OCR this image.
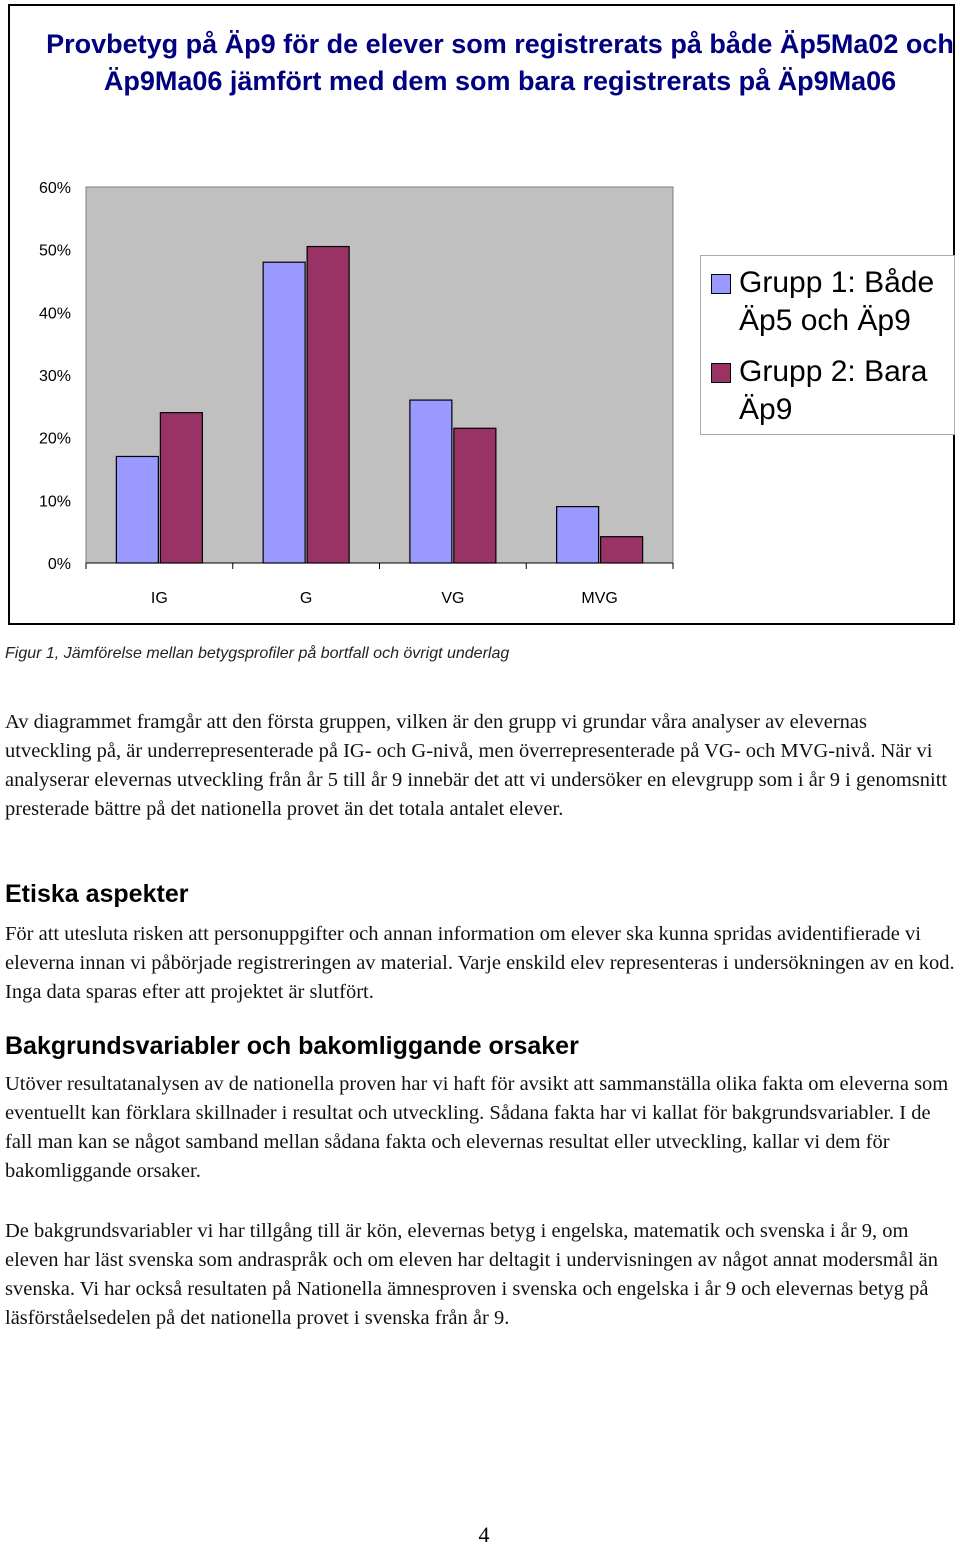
Provbetyg på Äp9 för de elever som registrerats på både Äp5Ma02 och Äp9Ma06 jämfört med dem som bara registrerats på Äp9Ma06
0%
10%
20%
30%
40%
50%
60%
IG	G	VG	MVG
Grupp 1: Både Äp5 och Äp9
Grupp 2: Bara Äp9
Figur 1, Jämförelse mellan betygsprofiler på bortfall och övrigt underlag

Av diagrammet framgår att den första gruppen, vilken är den grupp vi grundar våra analyser av elevernas utveckling på, är underrepresenterade på IG- och G-nivå, men överrepresenterade på VG- och MVG-nivå. När vi analyserar elevernas utveckling från år 5 till år 9 innebär det att vi undersöker en elevgrupp som i år 9 i genomsnitt presterade bättre på det nationella provet än det totala antalet elever.

Etiska aspekter

För att utesluta risken att personuppgifter och annan information om elever ska kunna spridas avidentifierade vi eleverna innan vi påbörjade registreringen av material. Varje enskild elev representeras i undersökningen av en kod. Inga data sparas efter att projektet är slutfört.

Bakgrundsvariabler och bakomliggande orsaker

Utöver resultatanalysen av de nationella proven har vi haft för avsikt att sammanställa olika fakta om eleverna som eventuellt kan förklara skillnader i resultat och utveckling. Sådana fakta har vi kallat för bakgrundsvariabler. I de fall man kan se något samband mellan sådana fakta och elevernas resultat eller utveckling, kallar vi dem för bakomliggande orsaker.

De bakgrundsvariabler vi har tillgång till är kön, elevernas betyg i engelska, matematik och svenska i år 9, om eleven har läst svenska som andraspråk och om eleven har deltagit i undervisningen av något annat modersmål än svenska. Vi har också resultaten på Nationella ämnesproven i svenska och engelska i år 9 och elevernas betyg på läsförståelsedelen på det nationella provet i svenska från år 9.

4
